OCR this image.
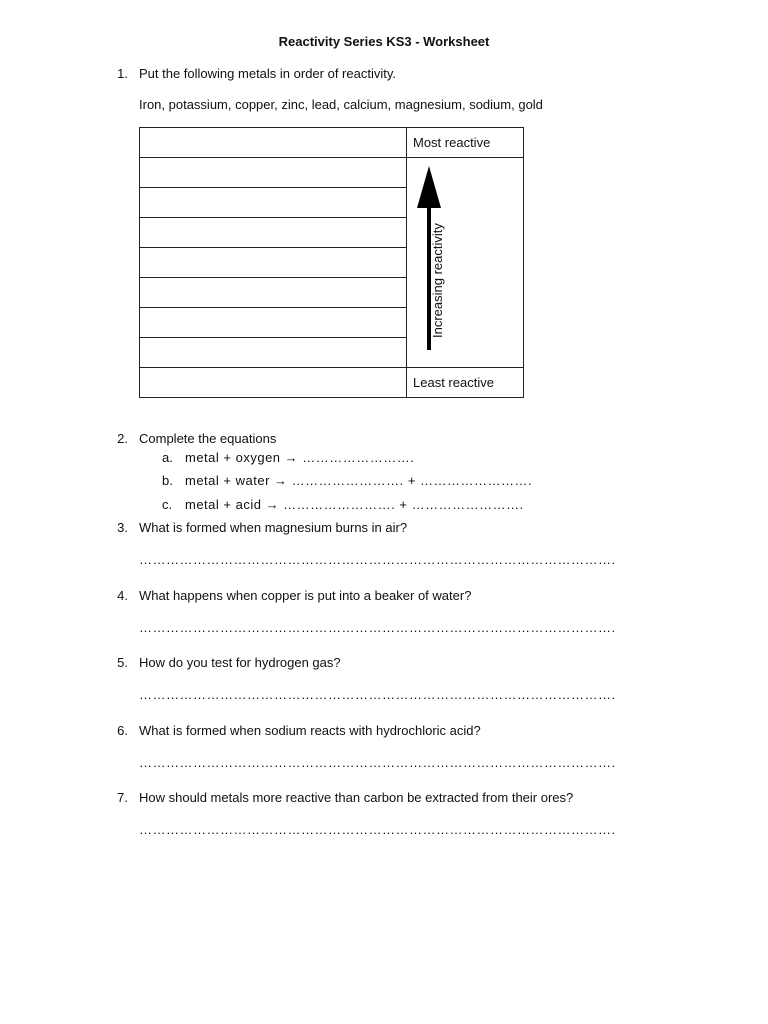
Reactivity Series KS3 - Worksheet
1. Put the following metals in order of reactivity.
Iron, potassium, copper, zinc, lead, calcium, magnesium, sodium, gold
	Most reactive

Increasing reactivity

	Least reactive
2. Complete the equations
a. metal + oxygen → …………………….
b. metal + water → ……………………. + …………………….
c. metal + acid → ……………………. + …………………….
3. What is formed when magnesium burns in air?
…………………………………………………………………………………………….
4. What happens when copper is put into a beaker of water?
…………………………………………………………………………………………….
5. How do you test for hydrogen gas?
…………………………………………………………………………………………….
6. What is formed when sodium reacts with hydrochloric acid?
…………………………………………………………………………………………….
7. How should metals more reactive than carbon be extracted from their ores?
…………………………………………………………………………………………….
